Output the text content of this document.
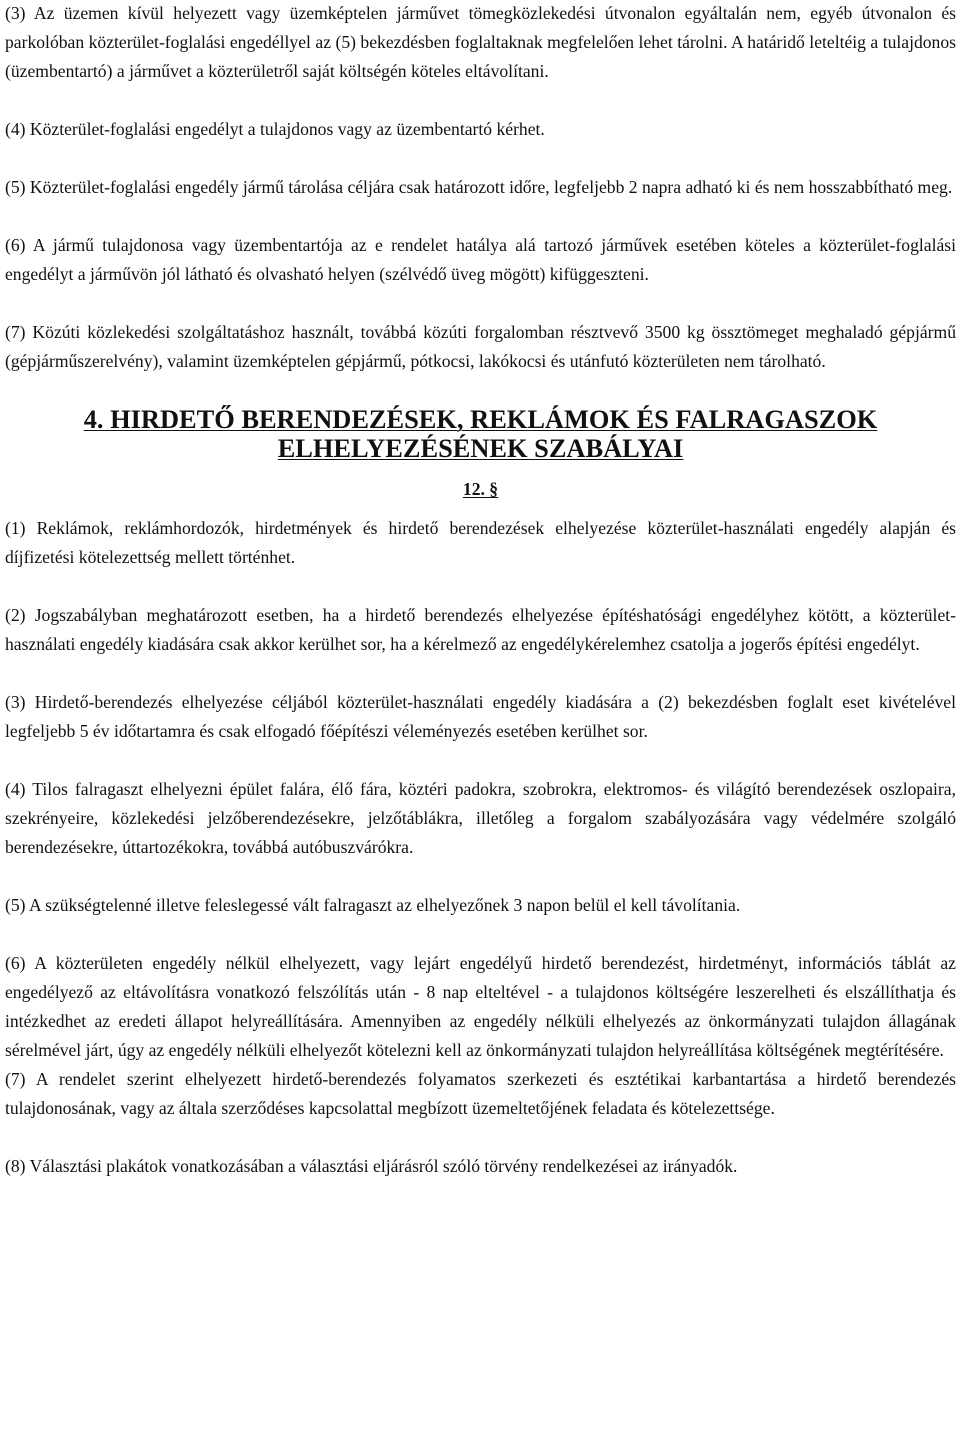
(3) Az üzemen kívül helyezett vagy üzemképtelen járművet tömegközlekedési útvonalon egyáltalán nem, egyéb útvonalon és parkolóban közterület-foglalási engedéllyel az (5) bekezdésben foglaltaknak megfelelően lehet tárolni. A határidő leteltéig a tulajdonos (üzembentartó) a járművet a közterületről saját költségén köteles eltávolítani.

(4) Közterület-foglalási engedélyt a tulajdonos vagy az üzembentartó kérhet.

(5) Közterület-foglalási engedély jármű tárolása céljára csak határozott időre, legfeljebb 2 napra adható ki és nem hosszabbítható meg.

(6) A jármű tulajdonosa vagy üzembentartója az e rendelet hatálya alá tartozó járművek esetében köteles a közterület-foglalási engedélyt a járművön jól látható és olvasható helyen (szélvédő üveg mögött) kifüggeszteni.

(7) Közúti közlekedési szolgáltatáshoz használt, továbbá közúti forgalomban résztvevő 3500 kg össztömeget meghaladó gépjármű (gépjárműszerelvény), valamint üzemképtelen gépjármű, pótkocsi, lakókocsi és utánfutó közterületen nem tárolható.

4. HIRDETŐ BERENDEZÉSEK, REKLÁMOK ÉS FALRAGASZOK
ELHELYEZÉSÉNEK SZABÁLYAI
12. §

(1) Reklámok, reklámhordozók, hirdetmények és hirdető berendezések elhelyezése közterület-használati engedély alapján és díjfizetési kötelezettség mellett történhet.

(2) Jogszabályban meghatározott esetben, ha a hirdető berendezés elhelyezése építéshatósági engedélyhez kötött, a közterület-használati engedély kiadására csak akkor kerülhet sor, ha a kérelmező az engedélykérelemhez csatolja a jogerős építési engedélyt.

(3) Hirdető-berendezés elhelyezése céljából közterület-használati engedély kiadására a (2) bekezdésben foglalt eset kivételével legfeljebb 5 év időtartamra és csak elfogadó főépítészi véleményezés esetében kerülhet sor.

(4) Tilos falragaszt elhelyezni épület falára, élő fára, köztéri padokra, szobrokra, elektromos- és világító berendezések oszlopaira, szekrényeire, közlekedési jelzőberendezésekre, jelzőtáblákra, illetőleg a forgalom szabályozására vagy védelmére szolgáló berendezésekre, úttartozékokra, továbbá autóbuszvárókra.

(5) A szükségtelenné illetve feleslegessé vált falragaszt az elhelyezőnek 3 napon belül el kell távolítania.

(6) A közterületen engedély nélkül elhelyezett, vagy lejárt engedélyű hirdető berendezést, hirdetményt, információs táblát az engedélyező az eltávolításra vonatkozó felszólítás után - 8 nap elteltével - a tulajdonos költségére leszerelheti és elszállíthatja és intézkedhet az eredeti állapot helyreállítására. Amennyiben az engedély nélküli elhelyezés az önkormányzati tulajdon állagának sérelmével járt, úgy az engedély nélküli elhelyezőt kötelezni kell az önkormányzati tulajdon helyreállítása költségének megtérítésére.

(7) A rendelet szerint elhelyezett hirdető-berendezés folyamatos szerkezeti és esztétikai karbantartása a hirdető berendezés tulajdonosának, vagy az általa szerződéses kapcsolattal megbízott üzemeltetőjének feladata és kötelezettsége.

(8) Választási plakátok vonatkozásában a választási eljárásról szóló törvény rendelkezései az irányadók.
